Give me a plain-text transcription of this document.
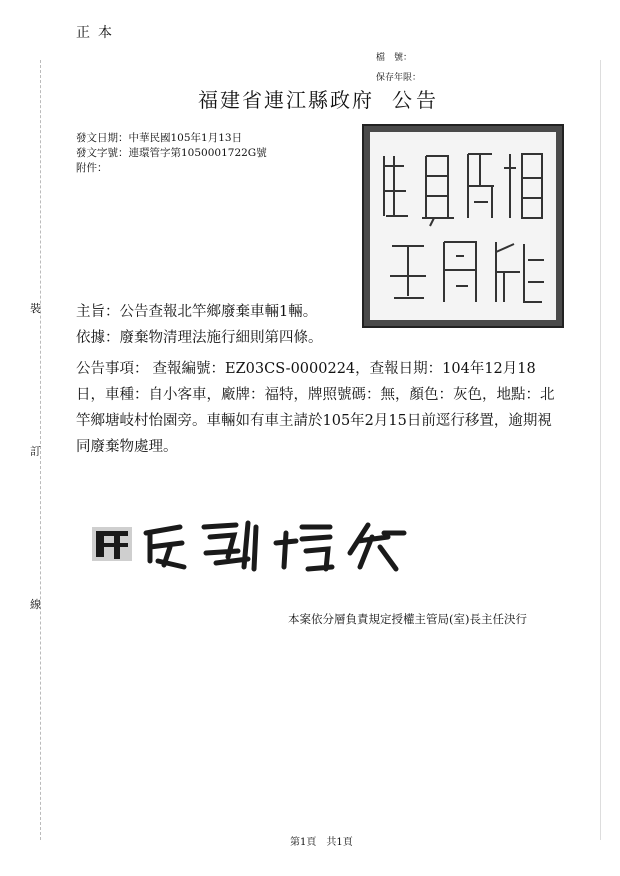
裝
訂
線
正本
檔　號：
保存年限：
福建省連江縣政府 公告
發文日期：中華民國105年1月13日
發文字號：連環管字第1050001722G號
附件：
主旨：公告查報北竿鄉廢棄車輛1輛。
依據：廢棄物清理法施行細則第四條。
公告事項： 查報編號：EZ03CS-0000224，查報日期：104年12月18日，車種：自小客車，廠牌：福特，牌照號碼：無，顏色：灰色，地點：北竿鄉塘岐村怡園旁。車輛如有車主請於105年2月15日前逕行移置，逾期視同廢棄物處理。
本案依分層負責規定授權主管局(室)長主任決行
第1頁　共1頁
